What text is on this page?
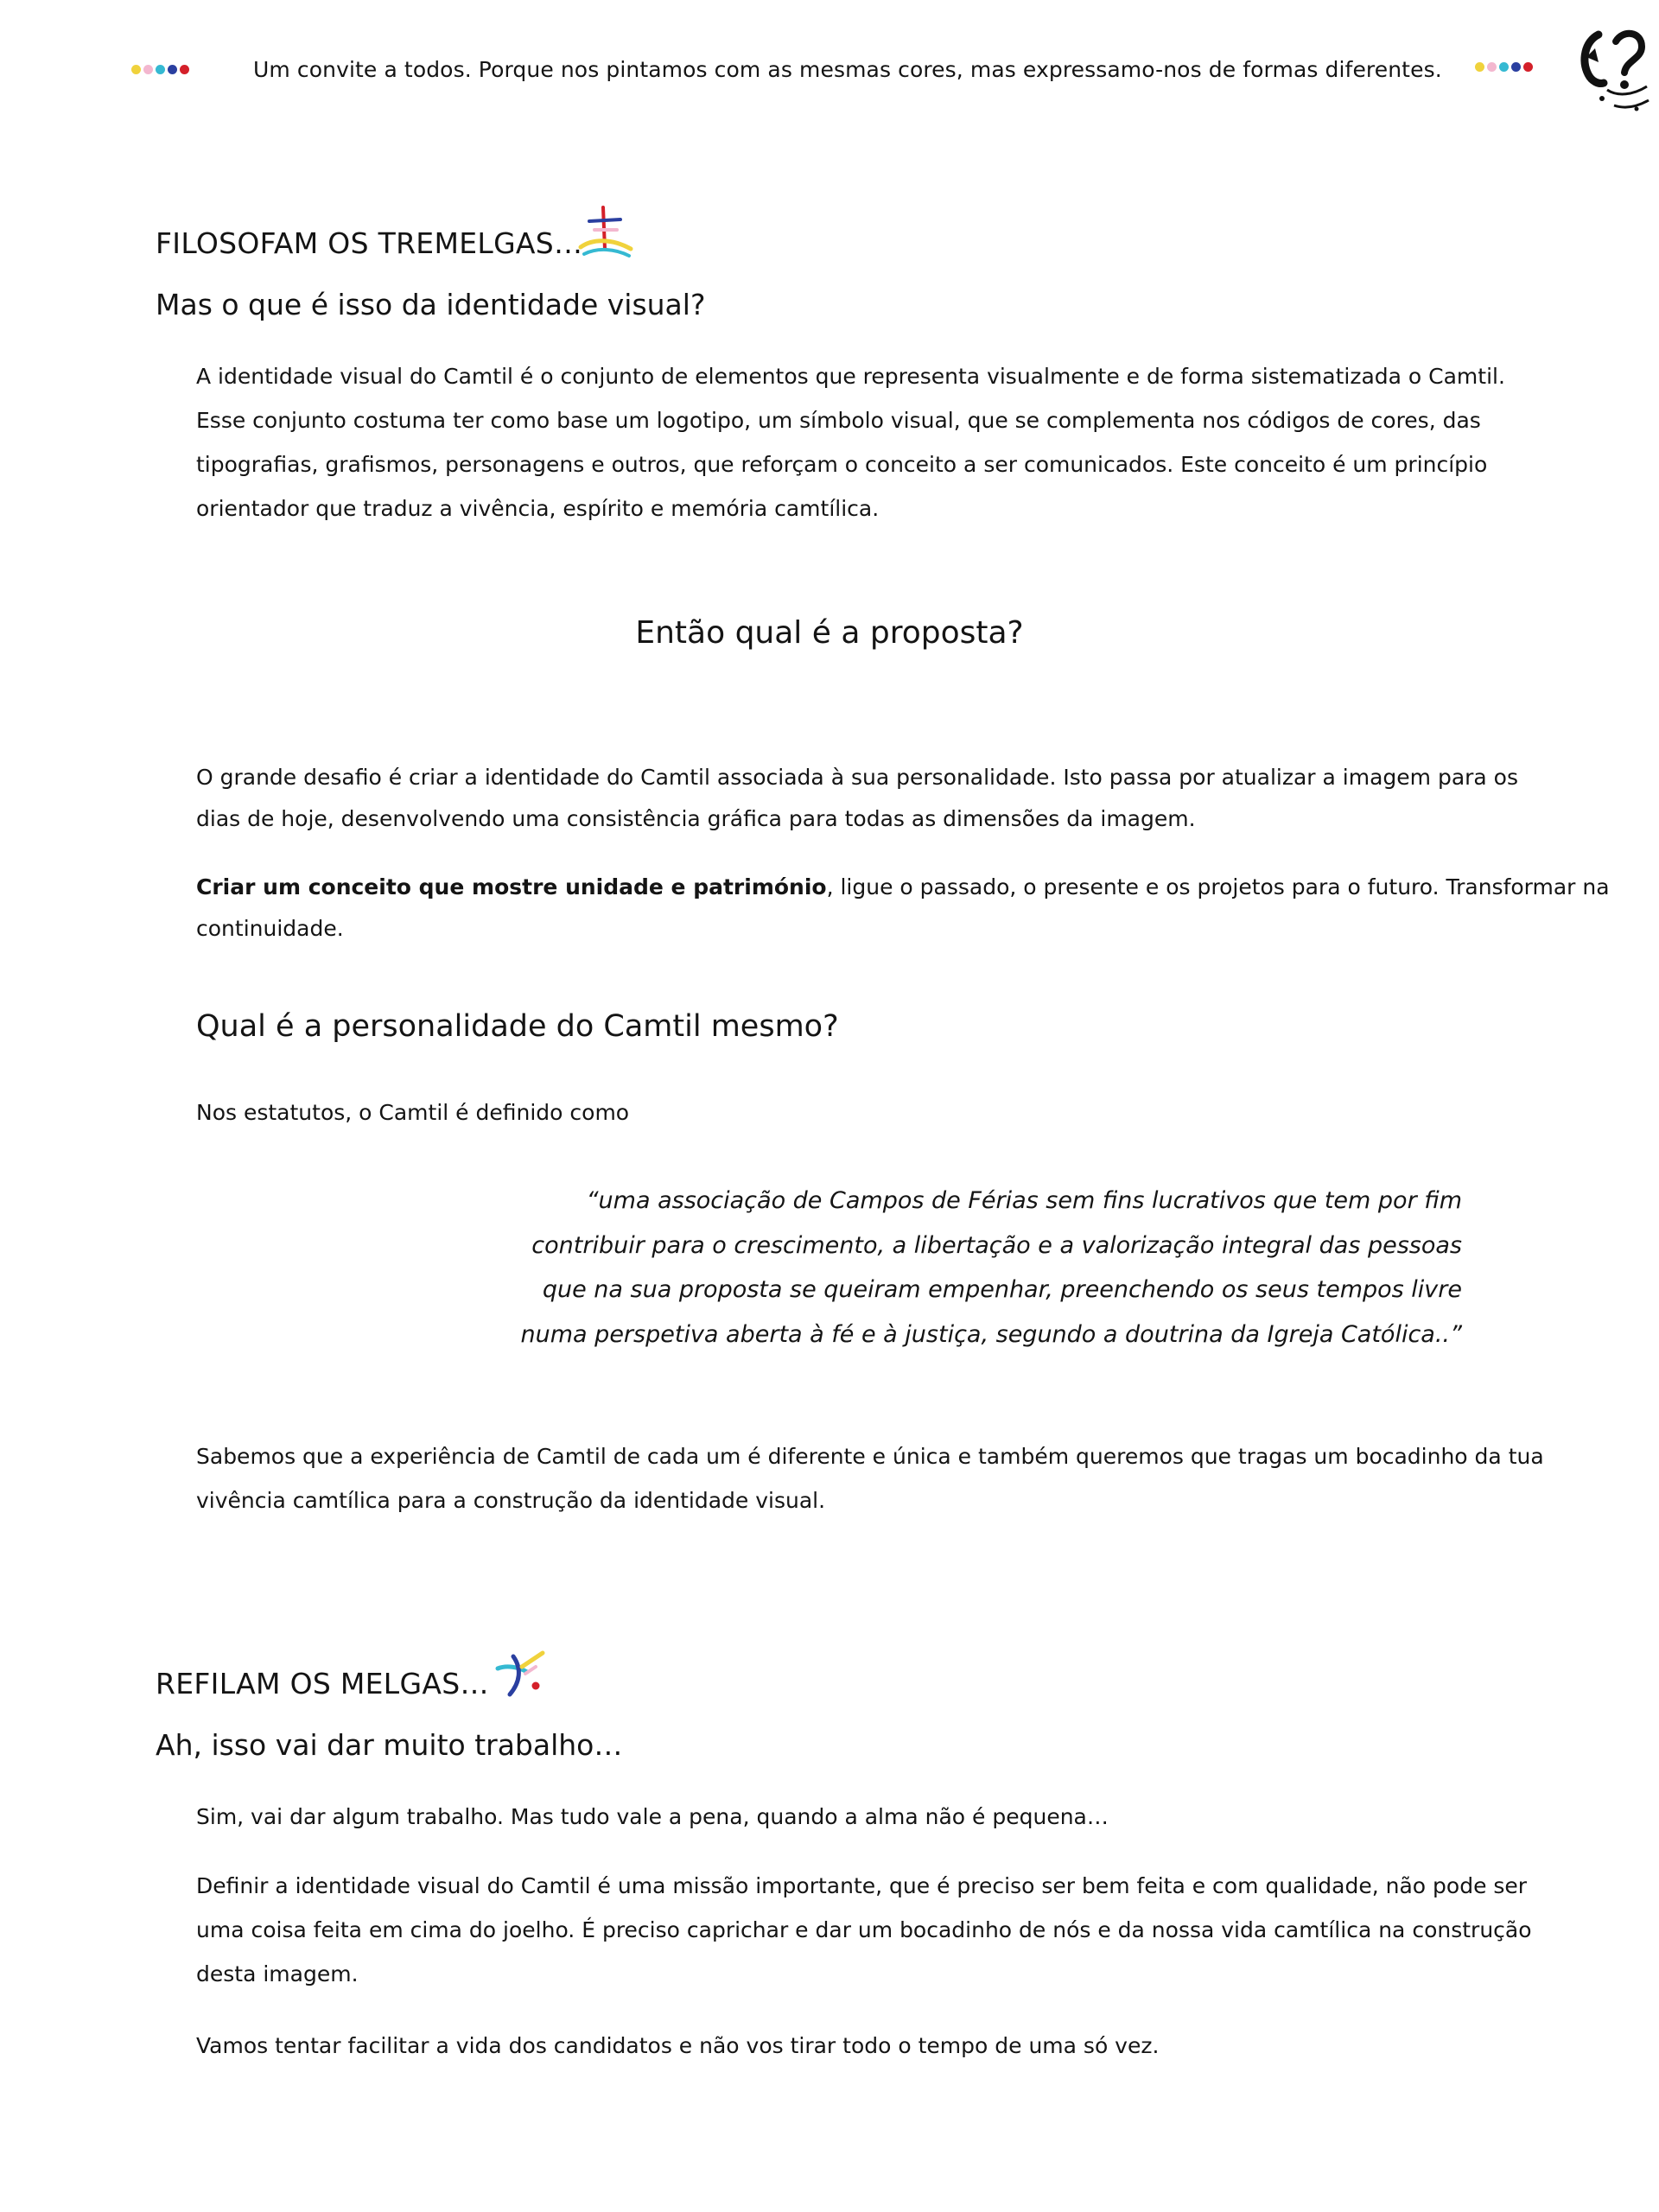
Um convite a todos. Porque nos pintamos com as mesmas cores, mas expressamo-nos de formas diferentes.
FILOSOFAM OS TREMELGAS…
Mas o que é isso da identidade visual?
A identidade visual do Camtil é o conjunto de elementos que representa visualmente e de forma sistematizada o Camtil.
Esse conjunto costuma ter como base um logotipo, um símbolo visual, que se complementa nos códigos de cores, das
tipografias, grafismos, personagens e outros, que reforçam o conceito a ser comunicados. Este conceito é um princípio
orientador que traduz a vivência, espírito e memória camtílica.
Então qual é a proposta?
O grande desafio é criar a identidade do Camtil associada à sua personalidade. Isto passa por atualizar a imagem para os
dias de hoje, desenvolvendo uma consistência gráfica para todas as dimensões da imagem.
Criar um conceito que mostre unidade e património, ligue o passado, o presente e os projetos para o futuro. Transformar na
continuidade.
Qual é a personalidade do Camtil mesmo?
Nos estatutos, o Camtil é definido como
“uma associação de Campos de Férias sem fins lucrativos que tem por fim
contribuir para o crescimento, a libertação e a valorização integral das pessoas
que na sua proposta se queiram empenhar, preenchendo os seus tempos livre
numa perspetiva aberta à fé e à justiça, segundo a doutrina da Igreja Católica..”
Sabemos que a experiência de Camtil de cada um é diferente e única e também queremos que tragas um bocadinho da tua
vivência camtílica para a construção da identidade visual.
REFILAM OS MELGAS…
Ah, isso vai dar muito trabalho…
Sim, vai dar algum trabalho. Mas tudo vale a pena, quando a alma não é pequena…
Definir a identidade visual do Camtil é uma missão importante, que é preciso ser bem feita e com qualidade, não pode ser
uma coisa feita em cima do joelho. É preciso caprichar e dar um bocadinho de nós e da nossa vida camtílica na construção
desta imagem.
Vamos tentar facilitar a vida dos candidatos e não vos tirar todo o tempo de uma só vez.
